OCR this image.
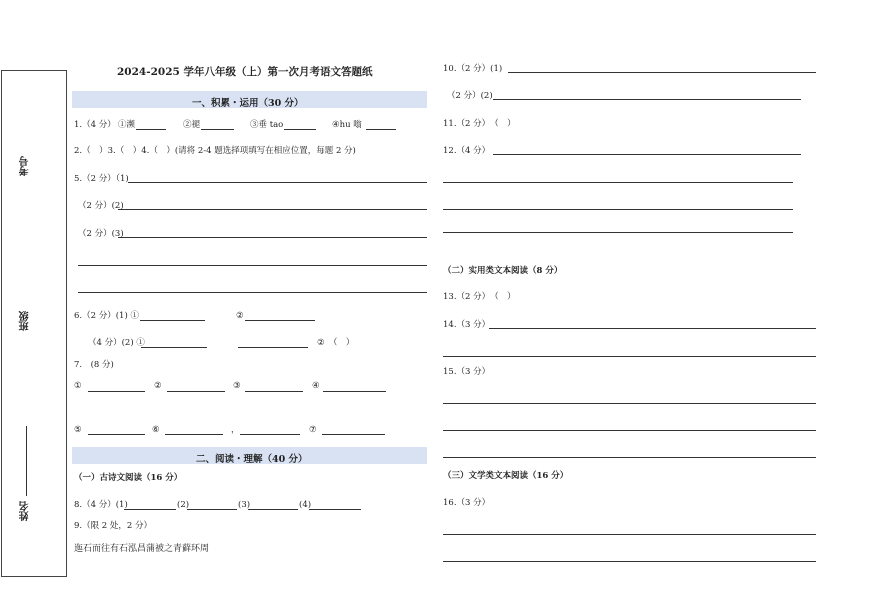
考号
班级
姓名
2024-2025 学年八年级（上）第一次月考语文答题纸
一、积累・运用（30 分）
1.（4 分） ①濒	②褪	③垂 tao	④hu 嗡
2.（　）3.（　）4.（　）(请将 2-4 题选择项填写在相应位置，每题 2 分)
5.（2 分）（1)
（2 分）(2)
（2 分）(3)
6.（2 分）(1) ①	②
（4 分）(2) ①	②　（　）
7.　(8 分)
①	②	③	④
⑤	⑥	，	⑦
二、阅读・理解（40 分）
（一）古诗文阅读（16 分）
8.（4 分）(1)	(2)	(3)	(4)
9.（限 2 处，2 分）
迤石而往有石泓昌蒲被之青藓环周
10.（2 分）(1)
（2 分）(2)
11.（2 分）　（　）
12.（4 分）
（二）实用类文本阅读（8 分）
13.（2 分）　（　）
14.（3 分）
15.（3 分）
（三）文学类文本阅读（16 分）
16.（3 分）
